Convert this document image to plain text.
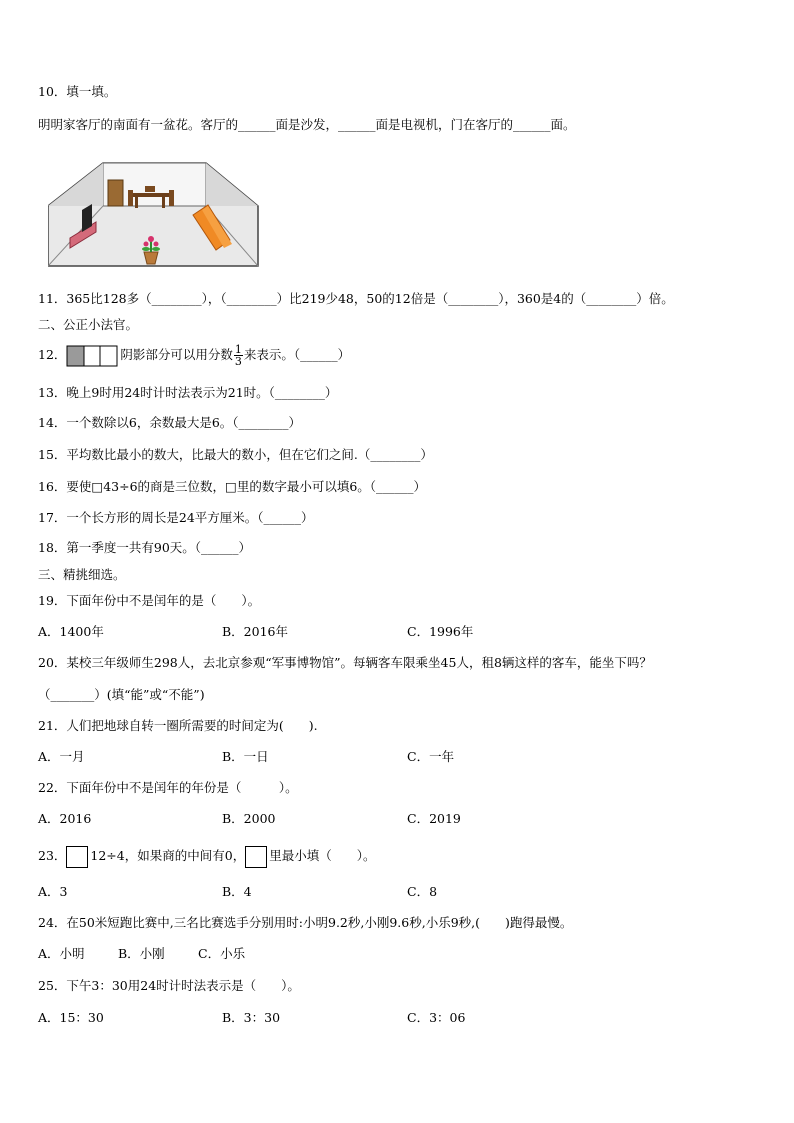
10．填一填。
明明家客厅的南面有一盆花。客厅的______面是沙发，______面是电视机，门在客厅的______面。
11．365比128多（________），（________）比219少48，50的12倍是（________），360是4的（________）倍。
二、公正小法官。
12．	阴影部分可以用分数 $\frac{1}{3}$ 来表示。（______）
13．晚上9时用24时计时法表示为21时。（________）
14．一个数除以6，余数最大是6。（________）
15．平均数比最小的数大，比最大的数小，但在它们之间.（________）
16．要使□43÷6的商是三位数，□里的数字最小可以填6。（______）
17．一个长方形的周长是24平方厘米。（______）
18．第一季度一共有90天。（______）
三、精挑细选。
19．下面年份中不是闰年的是（　　）。
A．1400年	B．2016年	C．1996年
20．某校三年级师生298人，去北京参观“军事博物馆”。每辆客车限乘坐45人，租8辆这样的客车，能坐下吗？
（_______）(填“能”或“不能”)
21．人们把地球自转一圈所需要的时间定为(　　).
A．一月	B．一日	C．一年
22．下面年份中不是闰年的年份是（　　　）。
A．2016	B．2000	C．2019
23． 12÷4，如果商的中间有0， 里最小填（　　）。
A．3	B．4	C．8
24．在50米短跑比赛中,三名比赛选手分别用时:小明9.2秒,小刚9.6秒,小乐9秒,(　　)跑得最慢。
A．小明	B．小刚	C．小乐
25．下午3：30用24时计时法表示是（　　）。
A．15：30	B．3：30	C．3：06
